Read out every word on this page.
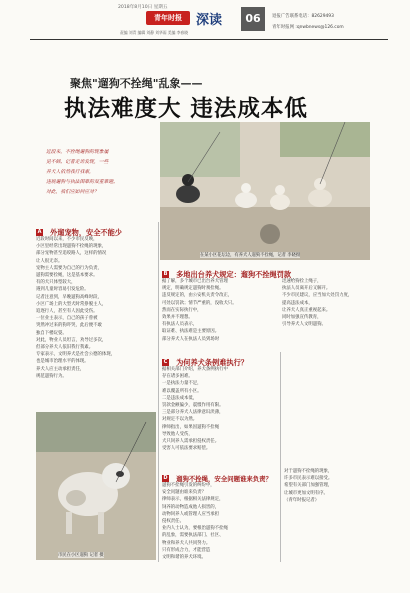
2018年8月10日 星期五
青年时报	深读	06
责编 刘青 编辑 刘静 刘华雨 美编 李春晓
退报广告联系电话：82629493
青年时报网 :qnwbnews@126.com
聚焦"遛狗不拴绳"乱象——
执法难度大 违法成本低
近段来，不拴绳遛狗的现象屡
见不鲜。记者走访发现，一些
养犬人依然我行我素，
违规遛狗与执法困难的双重难题。
对此，我们应如何应对？
在某小区花坛边，有养犬人遛狗不拴绳，记者 李晓摄
A 外遛宠物，安全不能少
近段时间以来，不少市民反映，
小区里经常出现遛狗不拴绳的现象，
部分宠物甚至追咬路人，这样的情况
让人很无奈。
宠物主人需要为自己的行为负责，
遛狗需要拴绳，这是基本要求。
有的犬只体型较大，
遇到儿童时容易引发危险。
记者注意到，早晚遛狗高峰时段，
小区广场上的大型犬时常挣脱主人，
追逐行人，甚至有人因此受伤。
一位业主表示，自己的孩子曾被
突然冲过来的狗吓哭，此后便不敢
独自下楼玩耍。
对此，物业人员坦言，劝导过多次，
但部分养犬人依旧我行我素。
专家表示，文明养犬是社会公德的体现，
也是城市治理水平的体现。
养犬人应主动承担责任，
规范遛狗行为。
市民在小区遛狗 记者 摄
B 多地出台养犬规定：遛狗不拴绳罚款
据了解，多个城市已出台养犬管理
规定，明确规定遛狗时须拴绳。
违反规定的，由公安机关责令改正，
可处以罚款；情节严重的，没收犬只。
然而在实际执行中，
效果并不理想。
有执法人员表示，
取证难、执法难是主要原因。
部分养犬人在执法人员到场时
迅速给狗拴上绳子，
执法人员离开后又解开。
不少市民建议，应当加大处罚力度，
提高违法成本，
让养犬人真正重视起来。
同时加强宣传教育，
引导养犬人文明遛狗。
C 为何养犬条例难执行？
据相关部门介绍，养犬条例执行中
存在诸多困难。
一是执法力量不足，
难以覆盖所有小区。
二是违法成本低，
罚款金额偏少，震慑作用有限。
三是部分养犬人法律意识淡薄，
对规定不以为然。
律师指出，如果因遛狗不拴绳
导致他人受伤，
犬只饲养人需承担侵权责任。
受害人可依法要求赔偿。
D 遛狗不拴绳，安全问题谁来负责？
遛狗不拴绳引发的纠纷中，
安全问题由谁来负责？
律师表示，根据相关法律规定，
饲养的动物造成他人损害的，
动物饲养人或管理人应当承担
侵权责任。
业内人士认为，要根治遛狗不拴绳
的乱象，需要执法部门、社区、
物业和养犬人共同努力。
只有形成合力，才能营造
文明和谐的养犬环境。
对于遛狗不拴绳的现象，
许多市民表示难以接受。
希望有关部门加强管理，
让城市更加文明有序。
（青年时报记者）
